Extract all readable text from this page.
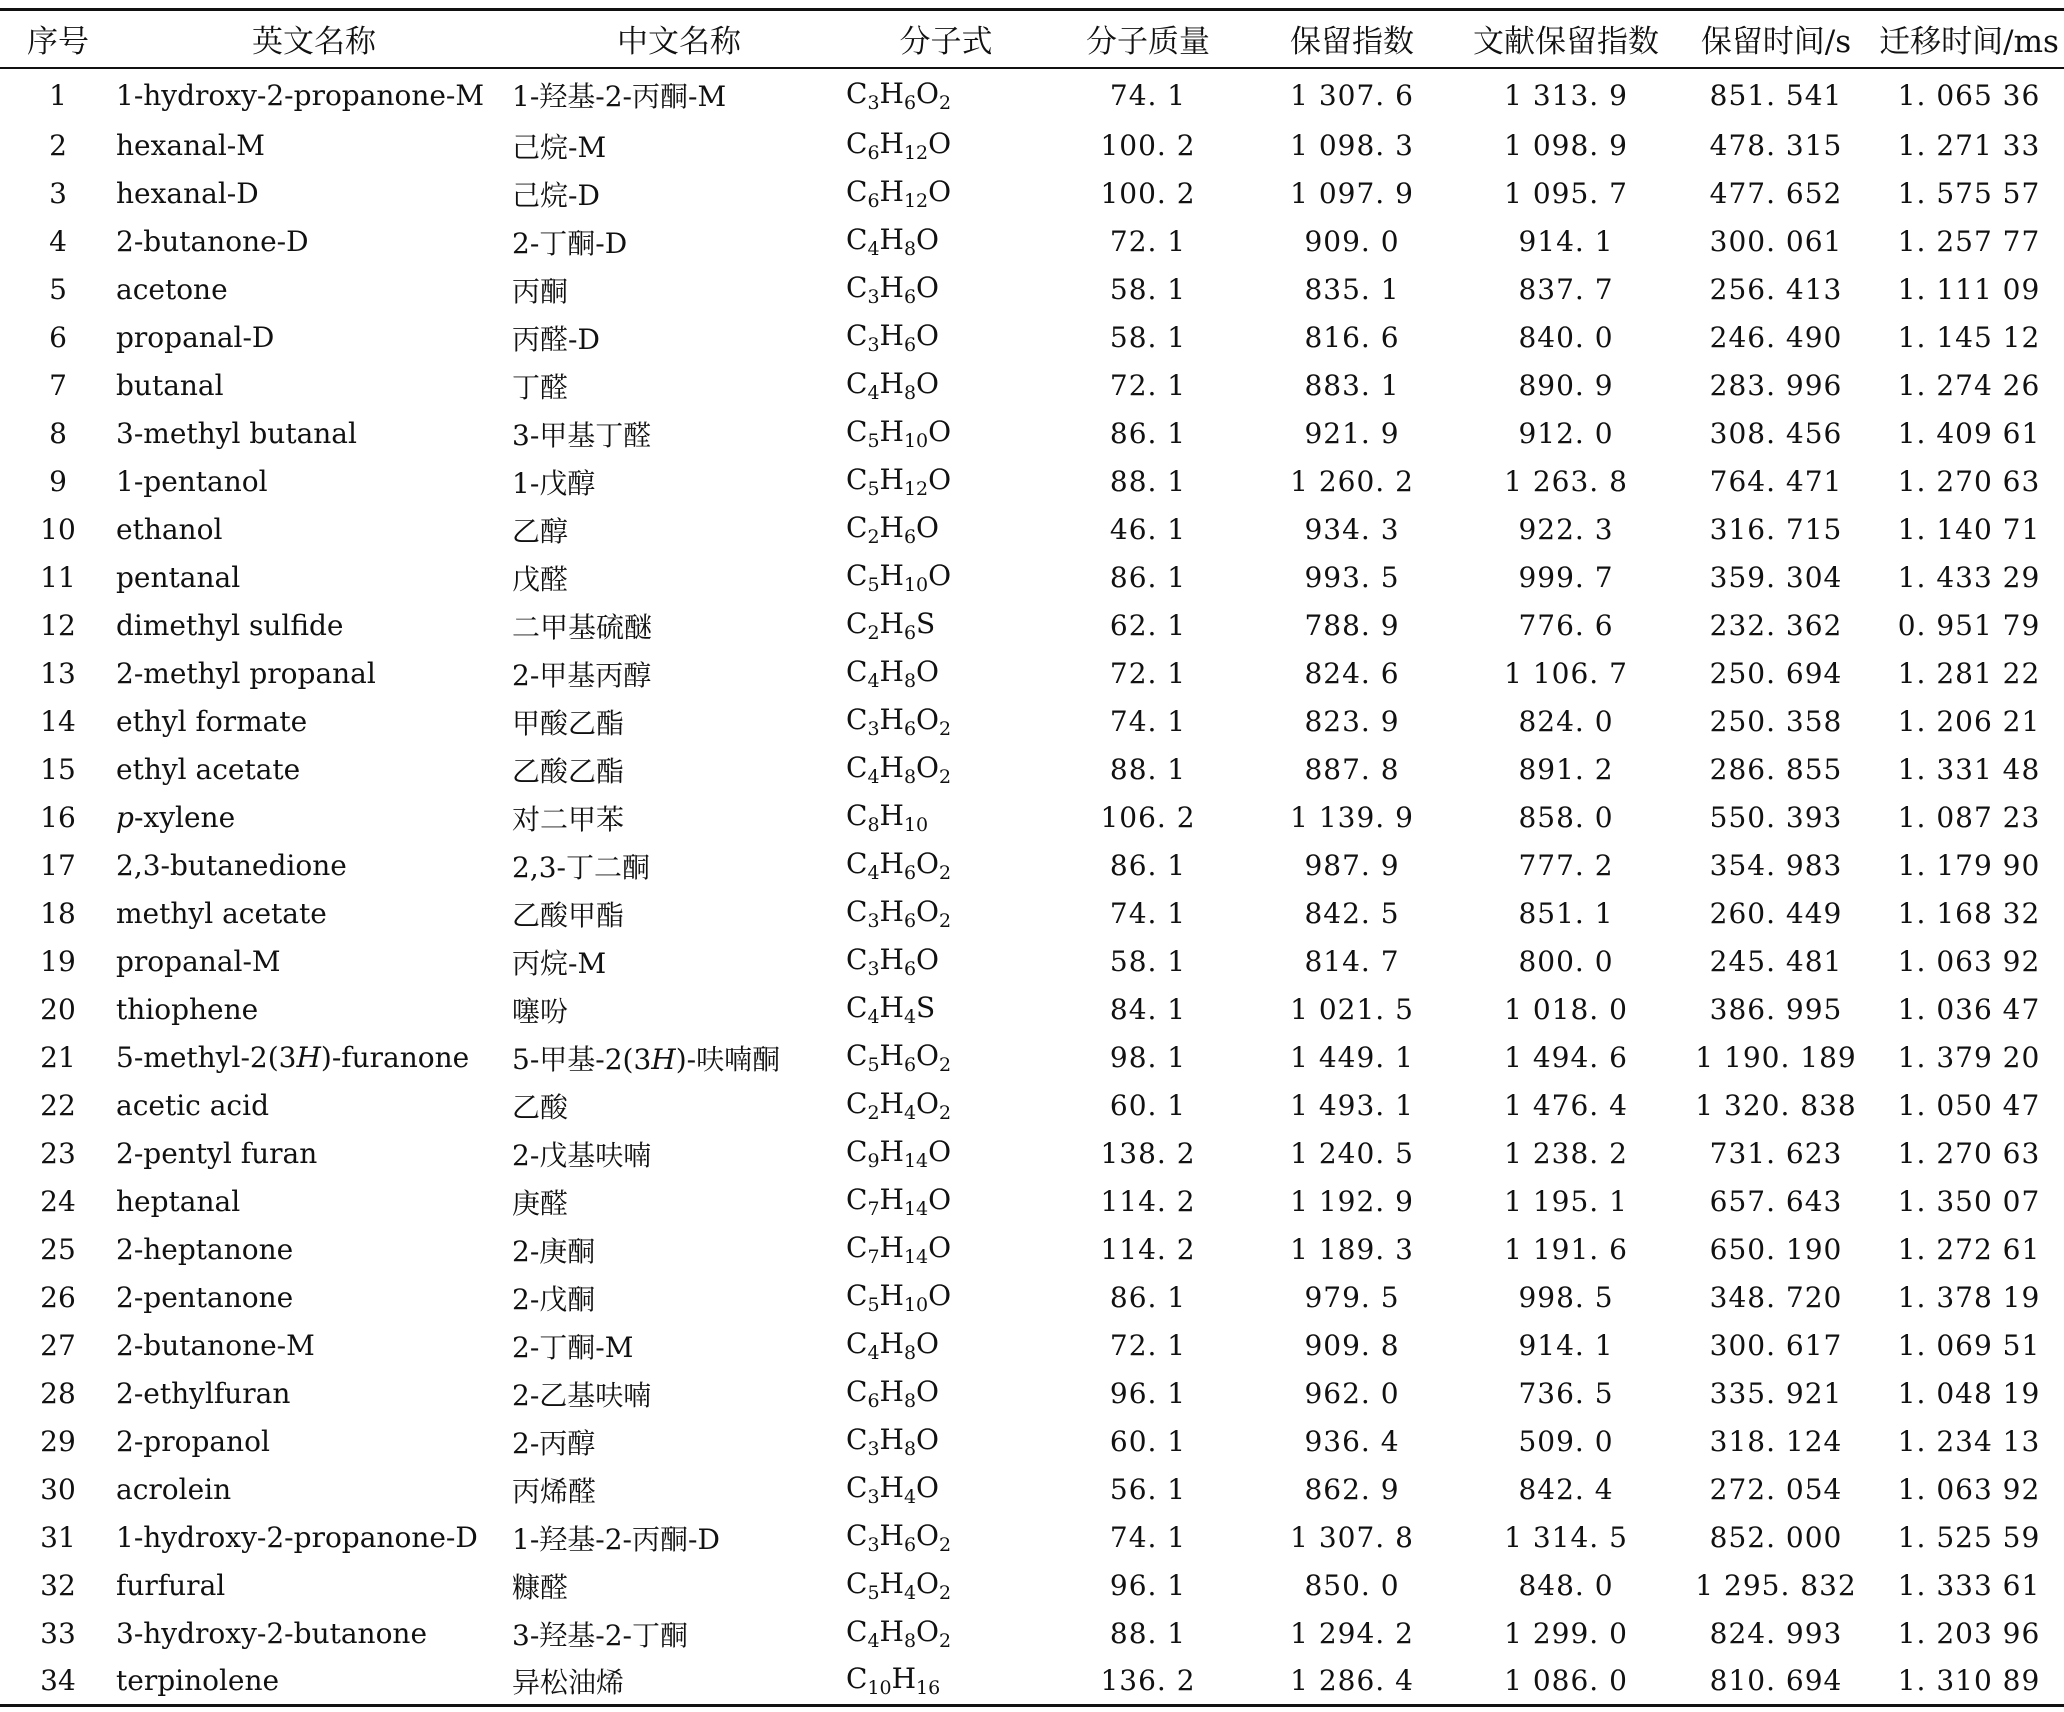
序号	英文名称	中文名称	分子式	分子质量	保留指数	文献保留指数	保留时间/s	迁移时间/ms
1	1-hydroxy-2-propanone-M	1-羟基-2-丙酮-M	$C_3H_6O_2$	74. 1	1 307. 6	1 313. 9	851. 541	1. 065 36
2	hexanal-M	己烷-M	$C_6H_{12}O$	100. 2	1 098. 3	1 098. 9	478. 315	1. 271 33
3	hexanal-D	己烷-D	$C_6H_{12}O$	100. 2	1 097. 9	1 095. 7	477. 652	1. 575 57
4	2-butanone-D	2-丁酮-D	$C_4H_8O$	72. 1	909. 0	914. 1	300. 061	1. 257 77
5	acetone	丙酮	$C_3H_6O$	58. 1	835. 1	837. 7	256. 413	1. 111 09
6	propanal-D	丙醛-D	$C_3H_6O$	58. 1	816. 6	840. 0	246. 490	1. 145 12
7	butanal	丁醛	$C_4H_8O$	72. 1	883. 1	890. 9	283. 996	1. 274 26
8	3-methyl butanal	3-甲基丁醛	$C_5H_{10}O$	86. 1	921. 9	912. 0	308. 456	1. 409 61
9	1-pentanol	1-戊醇	$C_5H_{12}O$	88. 1	1 260. 2	1 263. 8	764. 471	1. 270 63
10	ethanol	乙醇	$C_2H_6O$	46. 1	934. 3	922. 3	316. 715	1. 140 71
11	pentanal	戊醛	$C_5H_{10}O$	86. 1	993. 5	999. 7	359. 304	1. 433 29
12	dimethyl sulfide	二甲基硫醚	$C_2H_6S$	62. 1	788. 9	776. 6	232. 362	0. 951 79
13	2-methyl propanal	2-甲基丙醇	$C_4H_8O$	72. 1	824. 6	1 106. 7	250. 694	1. 281 22
14	ethyl formate	甲酸乙酯	$C_3H_6O_2$	74. 1	823. 9	824. 0	250. 358	1. 206 21
15	ethyl acetate	乙酸乙酯	$C_4H_8O_2$	88. 1	887. 8	891. 2	286. 855	1. 331 48
16	p-xylene	对二甲苯	$C_8H_{10}$	106. 2	1 139. 9	858. 0	550. 393	1. 087 23
17	2,3-butanedione	2,3-丁二酮	$C_4H_6O_2$	86. 1	987. 9	777. 2	354. 983	1. 179 90
18	methyl acetate	乙酸甲酯	$C_3H_6O_2$	74. 1	842. 5	851. 1	260. 449	1. 168 32
19	propanal-M	丙烷-M	$C_3H_6O$	58. 1	814. 7	800. 0	245. 481	1. 063 92
20	thiophene	噻吩	$C_4H_4S$	84. 1	1 021. 5	1 018. 0	386. 995	1. 036 47
21	5-methyl-2(3H)-furanone	5-甲基-2(3H)-呋喃酮	$C_5H_6O_2$	98. 1	1 449. 1	1 494. 6	1 190. 189	1. 379 20
22	acetic acid	乙酸	$C_2H_4O_2$	60. 1	1 493. 1	1 476. 4	1 320. 838	1. 050 47
23	2-pentyl furan	2-戊基呋喃	$C_9H_{14}O$	138. 2	1 240. 5	1 238. 2	731. 623	1. 270 63
24	heptanal	庚醛	$C_7H_{14}O$	114. 2	1 192. 9	1 195. 1	657. 643	1. 350 07
25	2-heptanone	2-庚酮	$C_7H_{14}O$	114. 2	1 189. 3	1 191. 6	650. 190	1. 272 61
26	2-pentanone	2-戊酮	$C_5H_{10}O$	86. 1	979. 5	998. 5	348. 720	1. 378 19
27	2-butanone-M	2-丁酮-M	$C_4H_8O$	72. 1	909. 8	914. 1	300. 617	1. 069 51
28	2-ethylfuran	2-乙基呋喃	$C_6H_8O$	96. 1	962. 0	736. 5	335. 921	1. 048 19
29	2-propanol	2-丙醇	$C_3H_8O$	60. 1	936. 4	509. 0	318. 124	1. 234 13
30	acrolein	丙烯醛	$C_3H_4O$	56. 1	862. 9	842. 4	272. 054	1. 063 92
31	1-hydroxy-2-propanone-D	1-羟基-2-丙酮-D	$C_3H_6O_2$	74. 1	1 307. 8	1 314. 5	852. 000	1. 525 59
32	furfural	糠醛	$C_5H_4O_2$	96. 1	850. 0	848. 0	1 295. 832	1. 333 61
33	3-hydroxy-2-butanone	3-羟基-2-丁酮	$C_4H_8O_2$	88. 1	1 294. 2	1 299. 0	824. 993	1. 203 96
34	terpinolene	异松油烯	$C_{10}H_{16}$	136. 2	1 286. 4	1 086. 0	810. 694	1. 310 89
